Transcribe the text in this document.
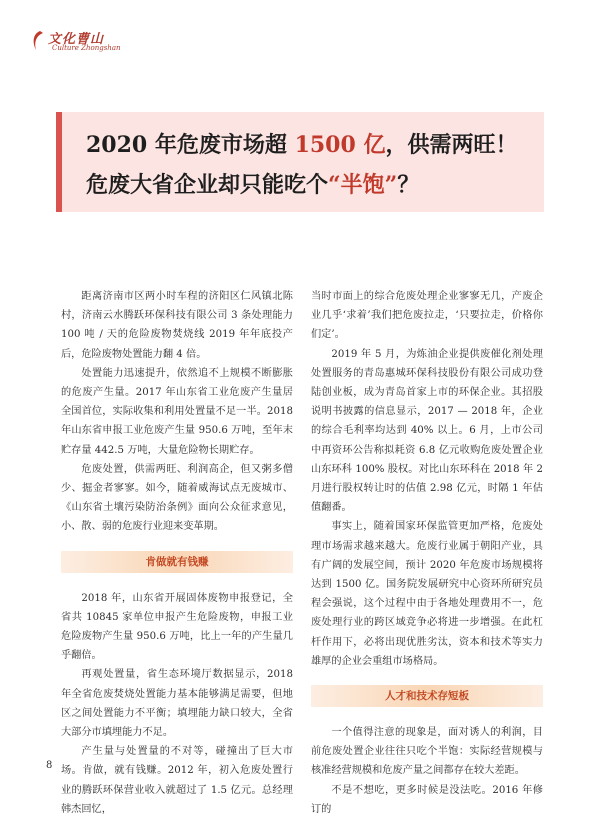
文化曹山
Culture Zhongshan
2020 年危废市场超 1500 亿，供需两旺！
危废大省企业却只能吃个“半饱”？

距离济南市区两小时车程的济阳区仁风镇北陈村，济南云水腾跃环保科技有限公司 3 条处理能力 100 吨 / 天的危险废物焚烧线 2019 年年底投产后，危险废物处置能力翻 4 倍。

处置能力迅速提升，依然追不上规模不断膨胀的危废产生量。2017 年山东省工业危废产生量居全国首位，实际收集和利用处置量不足一半。2018 年山东省申报工业危废产生量 950.6 万吨，至年末贮存量 442.5 万吨，大量危险物长期贮存。

危废处置，供需两旺、利润高企，但又粥多僧少、掘金者寥寥。如今，随着威海试点无废城市、《山东省土壤污染防治条例》面向公众征求意见，小、散、弱的危废行业迎来变革期。

肯做就有钱赚

2018 年，山东省开展固体废物申报登记，全省共 10845 家单位申报产生危险废物，申报工业危险废物产生量 950.6 万吨，比上一年的产生量几乎翻倍。

再观处置量，省生态环境厅数据显示，2018 年全省危废焚烧处置能力基本能够满足需要，但地区之间处置能力不平衡；填埋能力缺口较大，全省大部分市填埋能力不足。

产生量与处置量的不对等，碰撞出了巨大市场。肯做，就有钱赚。2012 年，初入危废处置行业的腾跃环保营业收入就超过了 1.5 亿元。总经理韩杰回忆，

当时市面上的综合危废处理企业寥寥无几，产废企业几乎‘求着’我们把危废拉走，‘只要拉走，价格你们定’。

2019 年 5 月，为炼油企业提供废催化剂处理处置服务的青岛惠城环保科技股份有限公司成功登陆创业板，成为青岛首家上市的环保企业。其招股说明书披露的信息显示，2017 — 2018 年，企业的综合毛利率均达到 40% 以上。6 月，上市公司中再资环公告称拟耗资 6.8 亿元收购危废处置企业山东环科 100% 股权。对比山东环科在 2018 年 2 月进行股权转让时的估值 2.98 亿元，时隔 1 年估值翻番。

事实上，随着国家环保监管更加严格，危废处理市场需求越来越大。危废行业属于朝阳产业，具有广阔的发展空间，预计 2020 年危废市场规模将达到 1500 亿。国务院发展研究中心资环所研究员程会强说，这个过程中由于各地处理费用不一，危废处理行业的跨区域竞争必将进一步增强。在此杠杆作用下，必将出现优胜劣汰，资本和技术等实力雄厚的企业会重组市场格局。

人才和技术存短板

一个值得注意的现象是，面对诱人的利润，目前危废处置企业往往只吃个半饱：实际经营规模与核准经营规模和危废产量之间都存在较大差距。

不是不想吃，更多时候是没法吃。2016 年修订的

8
